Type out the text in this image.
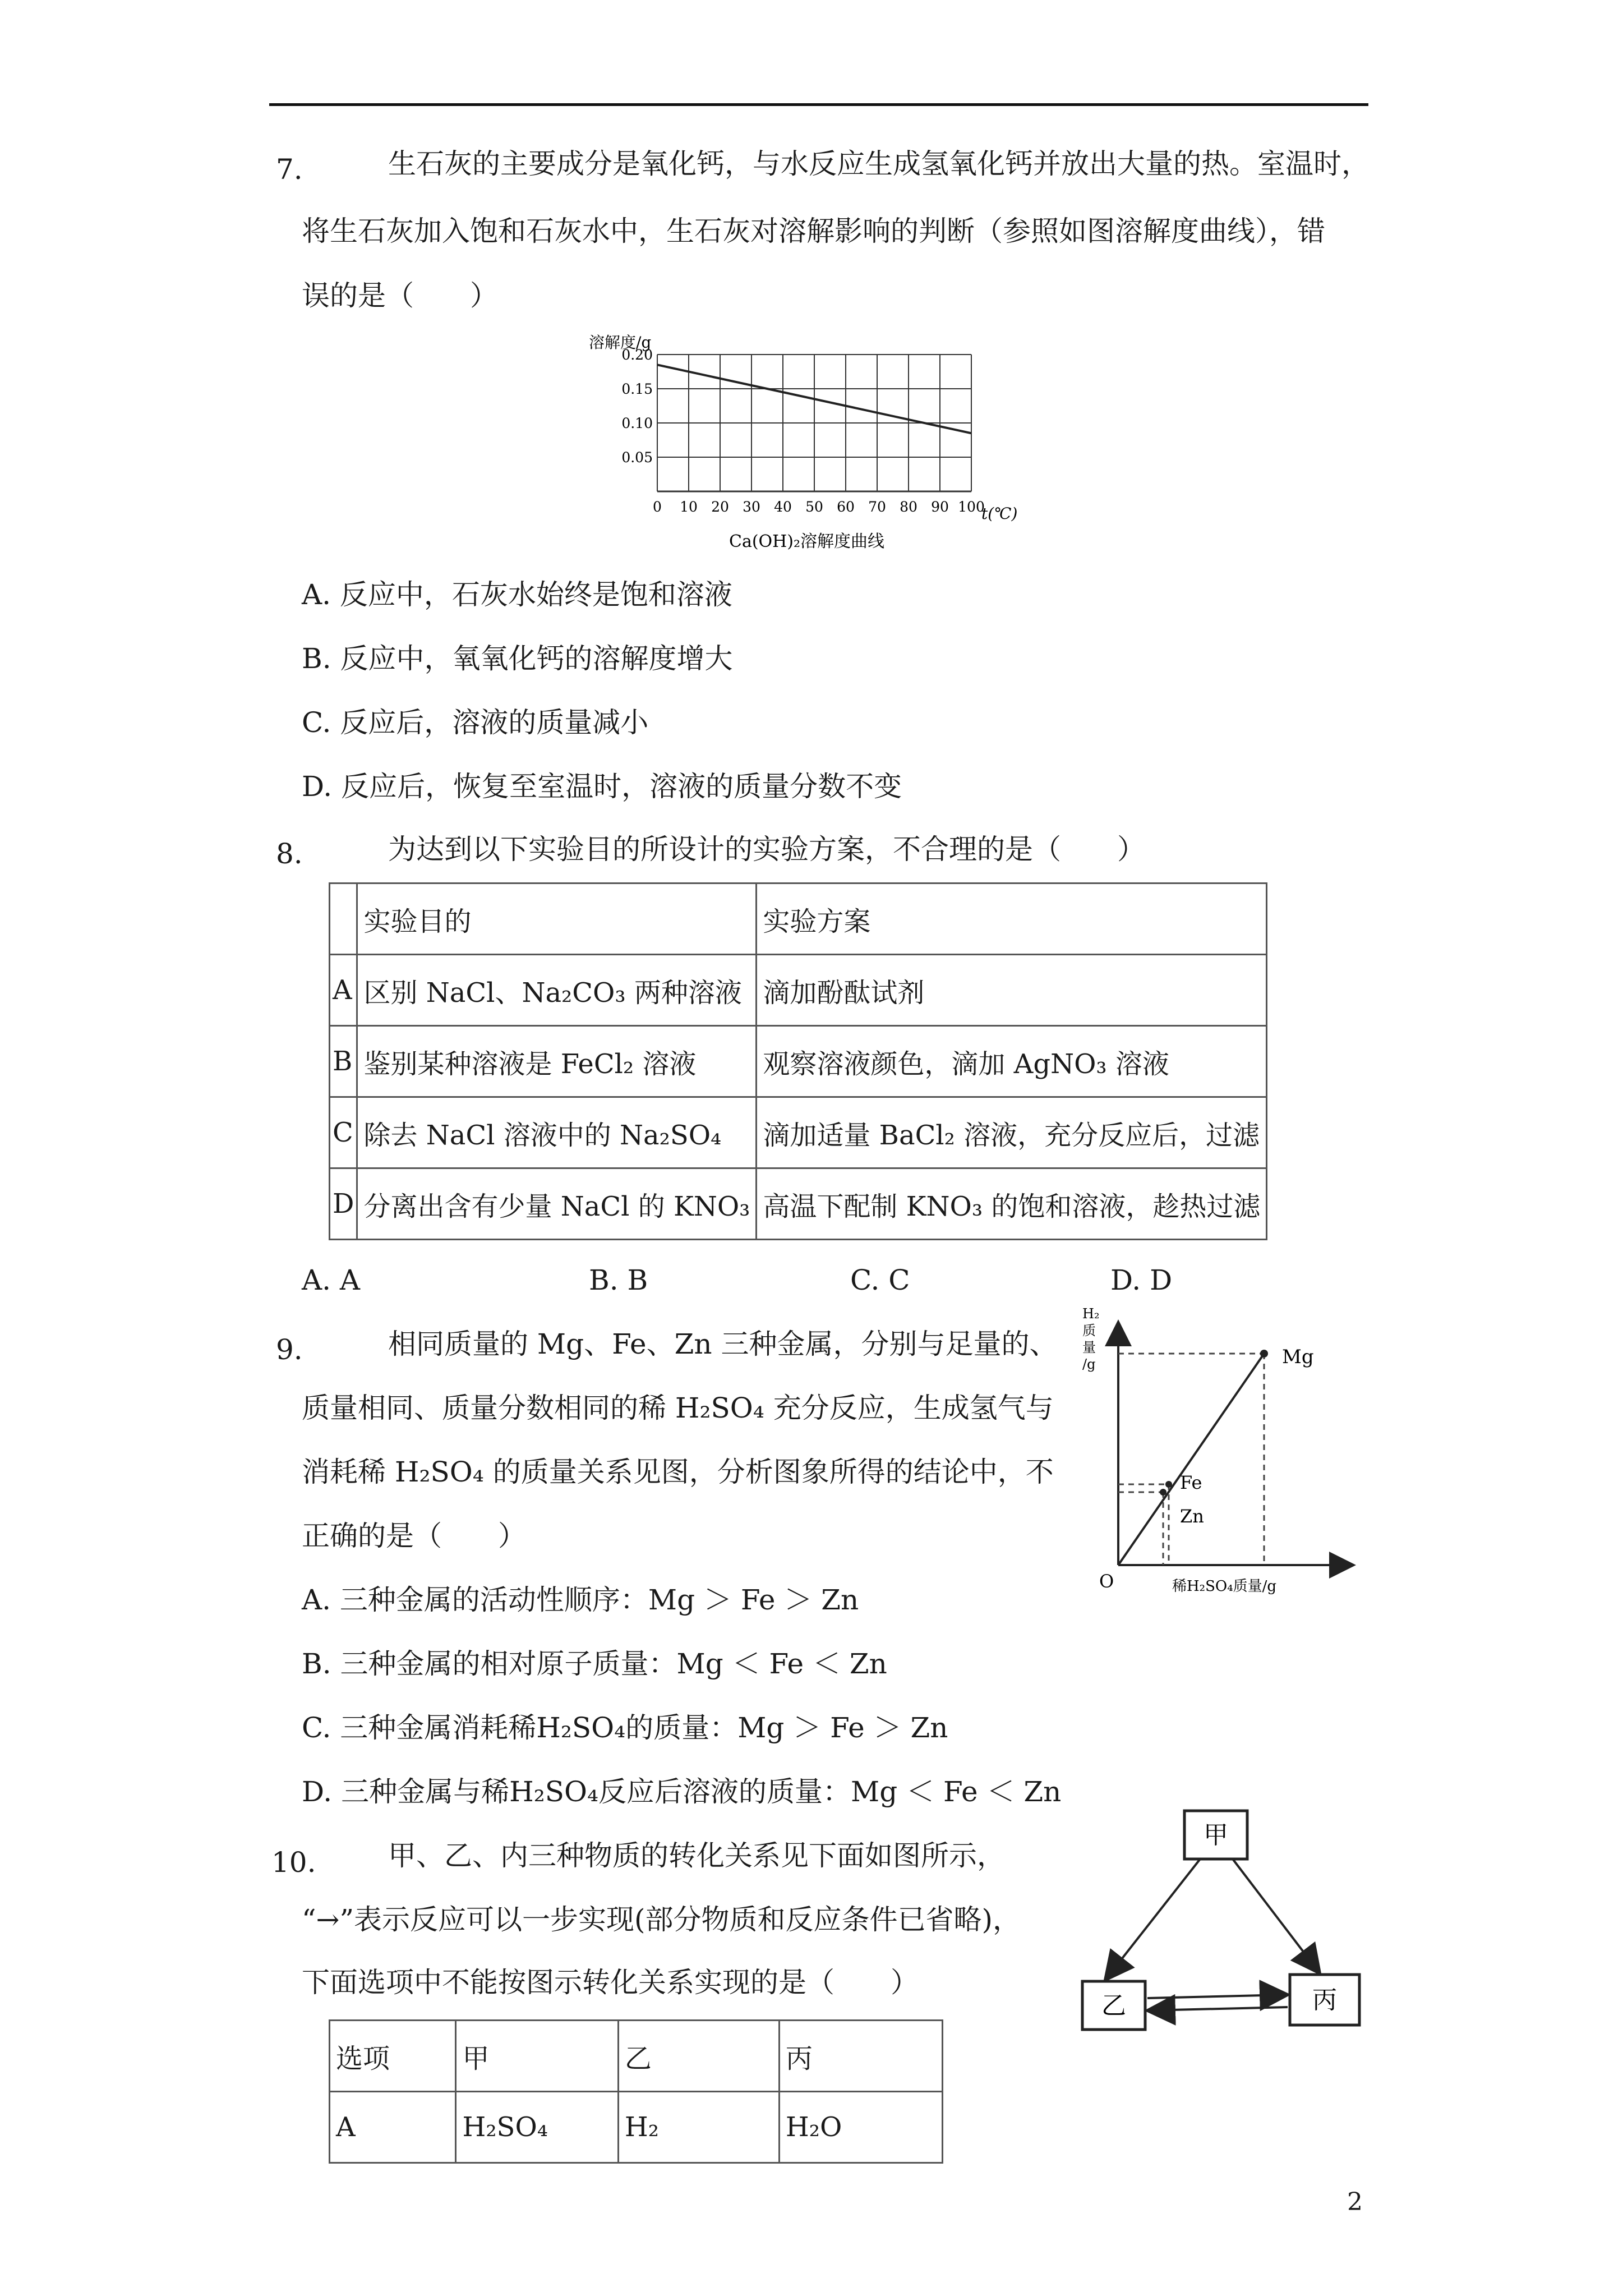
7.	生石灰的主要成分是氧化钙，与水反应生成氢氧化钙并放出大量的热。室温时，
将生石灰加入饱和石灰水中，生石灰对溶解影响的判断（参照如图溶解度曲线），错
误的是（　　）
0 10 20 30 40 50 60 70 80 90 100
0.05
0.10
0.15
0.20
溶解度/g
t(℃)
Ca(OH)₂溶解度曲线
A. 反应中，石灰水始终是饱和溶液
B. 反应中，氧氧化钙的溶解度增大
C. 反应后，溶液的质量减小
D. 反应后，恢复至室温时，溶液的质量分数不变
8.	为达到以下实验目的所设计的实验方案，不合理的是（　　）
	实验目的	实验方案
A	区别 NaCl、Na₂CO₃ 两种溶液	滴加酚酞试剂
B	鉴别某种溶液是 FeCl₂ 溶液	观察溶液颜色，滴加 AgNO₃ 溶液
C	除去 NaCl 溶液中的 Na₂SO₄	滴加适量 BaCl₂ 溶液，充分反应后，过滤
D	分离出含有少量 NaCl 的 KNO₃	高温下配制 KNO₃ 的饱和溶液，趁热过滤
A. A	B. B	C. C	D. D
9.	相同质量的 Mg、Fe、Zn 三种金属，分别与足量的、
质量相同、质量分数相同的稀 H₂SO₄ 充分反应，生成氢气与
消耗稀 H₂SO₄ 的质量关系见图，分析图象所得的结论中，不
正确的是（　　）
Mg
Fe
Zn
O	稀H₂SO₄质量/g
H₂
质
量
/g
A. 三种金属的活动性顺序：Mg ＞ Fe ＞ Zn
B. 三种金属的相对原子质量：Mg ＜ Fe ＜ Zn
C. 三种金属消耗稀H₂SO₄的质量：Mg ＞ Fe ＞ Zn
D. 三种金属与稀H₂SO₄反应后溶液的质量：Mg ＜ Fe ＜ Zn
10.	甲、乙、内三种物质的转化关系见下面如图所示，
“→”表示反应可以一步实现(部分物质和反应条件已省略)，
下面选项中不能按图示转化关系实现的是（　　）
甲
乙	丙
选项	甲	乙	丙
A	H₂SO₄	H₂	H₂O
2
